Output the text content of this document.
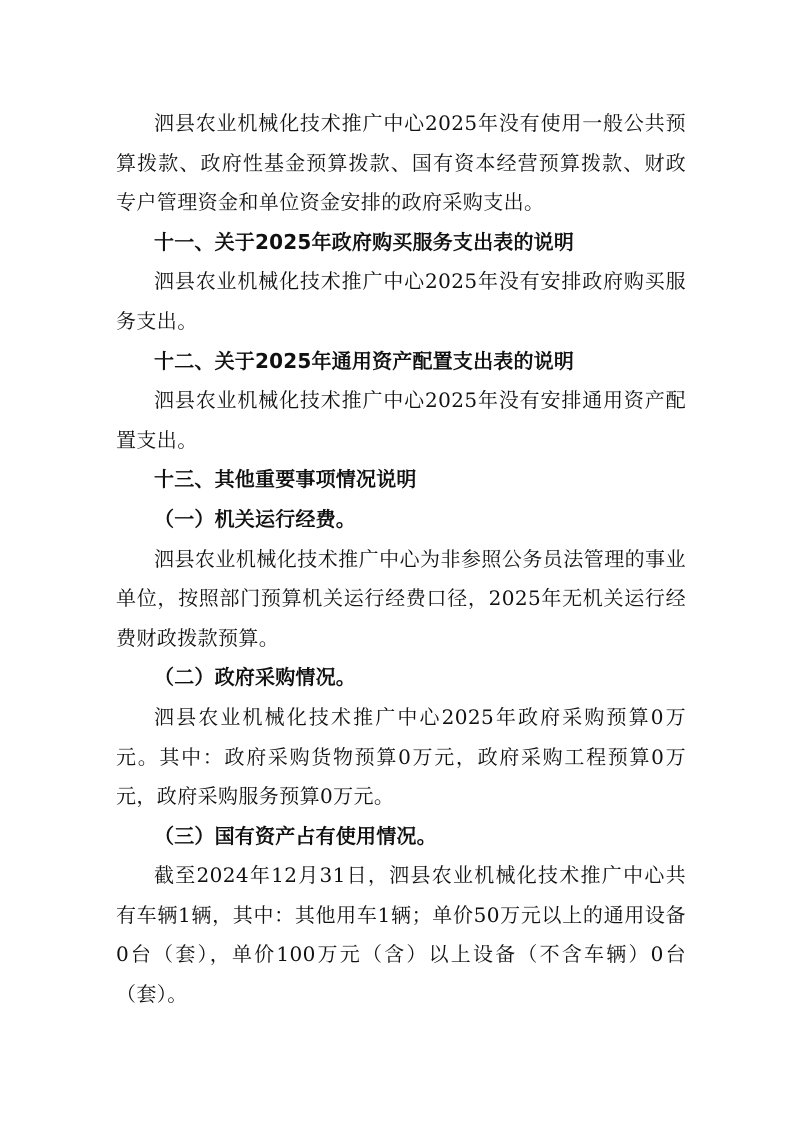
泗县农业机械化技术推广中心2025年没有使用一般公共预算拨款、政府性基金预算拨款、国有资本经营预算拨款、财政专户管理资金和单位资金安排的政府采购支出。

十一、关于2025年政府购买服务支出表的说明

泗县农业机械化技术推广中心2025年没有安排政府购买服务支出。

十二、关于2025年通用资产配置支出表的说明

泗县农业机械化技术推广中心2025年没有安排通用资产配置支出。

十三、其他重要事项情况说明

（一）机关运行经费。

泗县农业机械化技术推广中心为非参照公务员法管理的事业单位，按照部门预算机关运行经费口径，2025年无机关运行经费财政拨款预算。

（二）政府采购情况。

泗县农业机械化技术推广中心2025年政府采购预算0万元。其中：政府采购货物预算0万元，政府采购工程预算0万元，政府采购服务预算0万元。

（三）国有资产占有使用情况。

截至2024年12月31日，泗县农业机械化技术推广中心共有车辆1辆，其中：其他用车1辆；单价50万元以上的通用设备0台（套），单价100万元（含）以上设备（不含车辆）0台（套）。
